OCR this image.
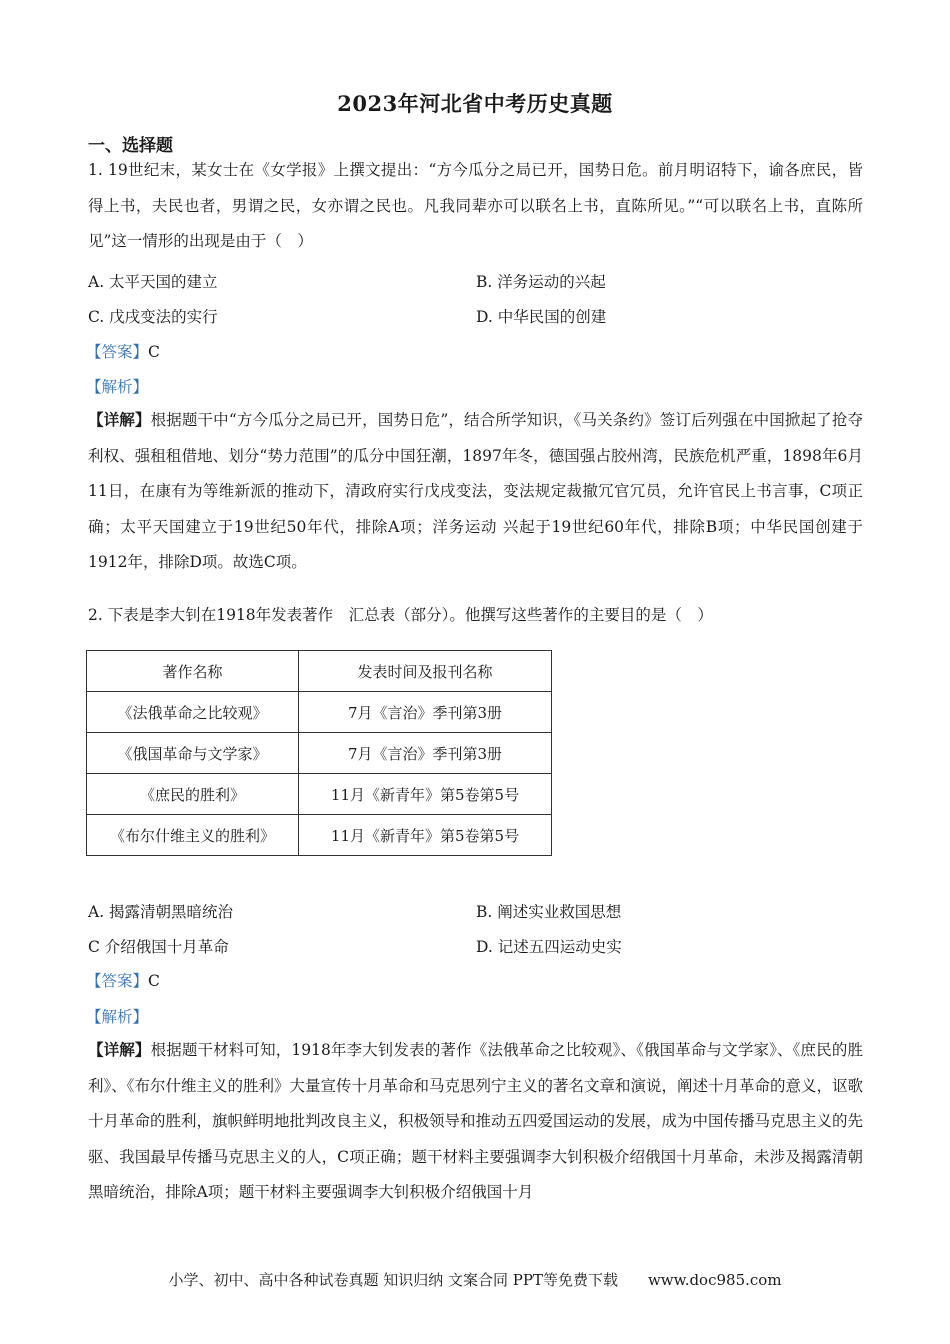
2023年河北省中考历史真题
一、选择题
1. 19世纪末，某女士在《女学报》上撰文提出：“方今瓜分之局已开，国势日危。前月明诏特下，谕各庶民，皆得上书，夫民也者，男谓之民，女亦谓之民也。凡我同辈亦可以联名上书，直陈所见。”“可以联名上书，直陈所见”这一情形的出现是由于（　）
A. 太平天国的建立	B. 洋务运动的兴起
C. 戊戌变法的实行	D. 中华民国的创建
【答案】C
【解析】
【详解】根据题干中“方今瓜分之局已开，国势日危”，结合所学知识，《马关条约》签订后列强在中国掀起了抢夺利权、强租租借地、划分“势力范围”的瓜分中国狂潮，1897年冬，德国强占胶州湾，民族危机严重，1898年6月11日，在康有为等维新派的推动下，清政府实行戊戌变法，变法规定裁撤冗官冗员，允许官民上书言事，C项正确；太平天国建立于19世纪50年代，排除A项；洋务运动 兴起于19世纪60年代，排除B项；中华民国创建于1912年，排除D项。故选C项。
2. 下表是李大钊在1918年发表著作　汇总表（部分）。他撰写这些著作的主要目的是（　）
著作名称	发表时间及报刊名称
《法俄革命之比较观》	7月《言治》季刊第3册
《俄国革命与文学家》	7月《言治》季刊第3册
《庶民的胜利》	11月《新青年》第5卷第5号
《布尔什维主义的胜利》	11月《新青年》第5卷第5号
A. 揭露清朝黑暗统治	B. 阐述实业救国思想
C 介绍俄国十月革命	D. 记述五四运动史实
【答案】C
【解析】
【详解】根据题干材料可知，1918年李大钊发表的著作《法俄革命之比较观》、《俄国革命与文学家》、《庶民的胜利》、《布尔什维主义的胜利》大量宣传十月革命和马克思列宁主义的著名文章和演说，阐述十月革命的意义，讴歌十月革命的胜利，旗帜鲜明地批判改良主义，积极领导和推动五四爱国运动的发展，成为中国传播马克思主义的先驱、我国最早传播马克思主义的人，C项正确；题干材料主要强调李大钊积极介绍俄国十月革命，未涉及揭露清朝黑暗统治，排除A项；题干材料主要强调李大钊积极介绍俄国十月
小学、初中、高中各种试卷真题 知识归纳 文案合同 PPT等免费下载　　www.doc985.com
